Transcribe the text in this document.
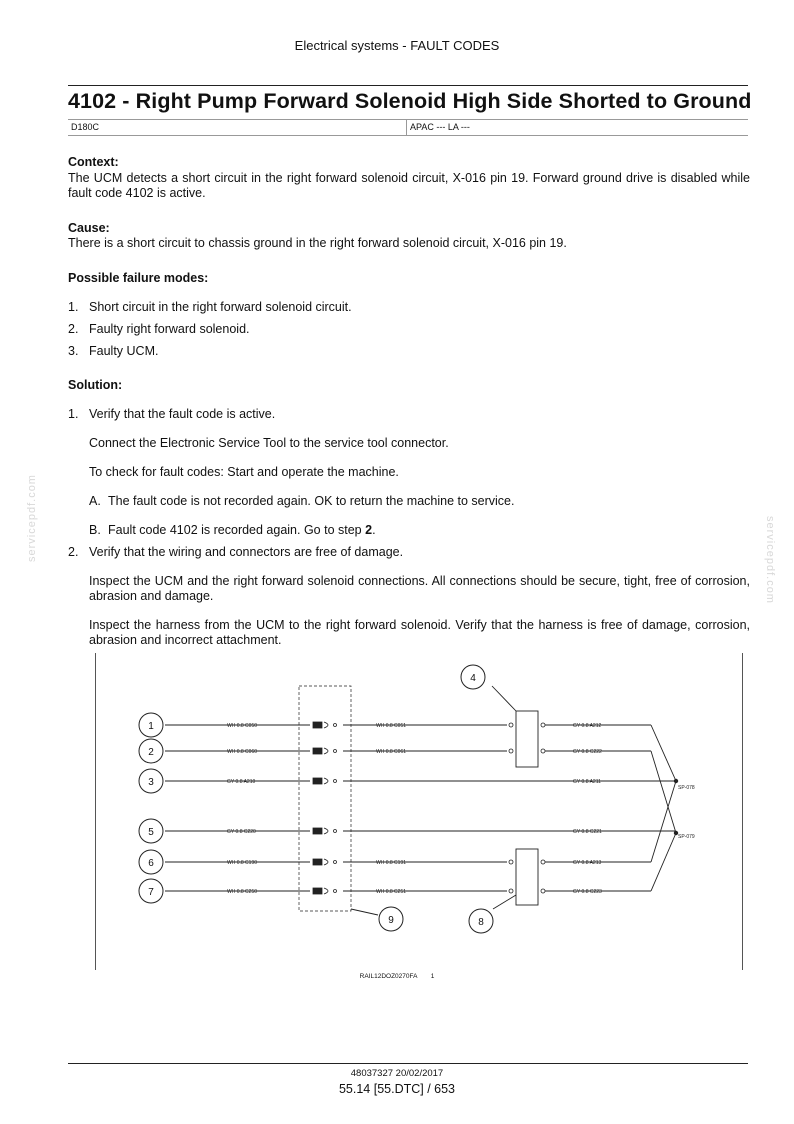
Electrical systems - FAULT CODES
4102 - Right Pump Forward Solenoid High Side Shorted to Ground
D180C	APAC --- LA ---
Context:
The UCM detects a short circuit in the right forward solenoid circuit, X-016 pin 19. Forward ground drive is disabled while fault code 4102 is active.
Cause:
There is a short circuit to chassis ground in the right forward solenoid circuit, X-016 pin 19.
Possible failure modes:
1. Short circuit in the right forward solenoid circuit.
2. Faulty right forward solenoid.
3. Faulty UCM.
Solution:
1. Verify that the fault code is active.
Connect the Electronic Service Tool to the service tool connector.
To check for fault codes: Start and operate the machine.
A. The fault code is not recorded again. OK to return the machine to service.
B. Fault code 4102 is recorded again. Go to step 2.
2. Verify that the wiring and connectors are free of damage.
Inspect the UCM and the right forward solenoid connections. All connections should be secure, tight, free of corrosion, abrasion and damage.
Inspect the harness from the UCM to the right forward solenoid. Verify that the harness is free of damage, corrosion, abrasion and incorrect attachment.
servicepdf.com	servicepdf.com
1
2
3
5
6
7
4
8
9
WH 0.8 C050
WH 0.8 C060
GY 0.8 A210
GY 0.8 C220
WH 0.8 C190
WH 0.8 C250
WH 0.8 C051
WH 0.8 C061
WH 0.8 C191
WH 0.8 C251
GY 0.8 A212
GY 0.8 C222
GY 0.8 A211
GY 0.8 C221
GY 0.8 A213
GY 0.8 C223
SP-078
SP-079
RAIL12DOZ0270FA 1
48037327 20/02/2017
55.14 [55.DTC] / 653
